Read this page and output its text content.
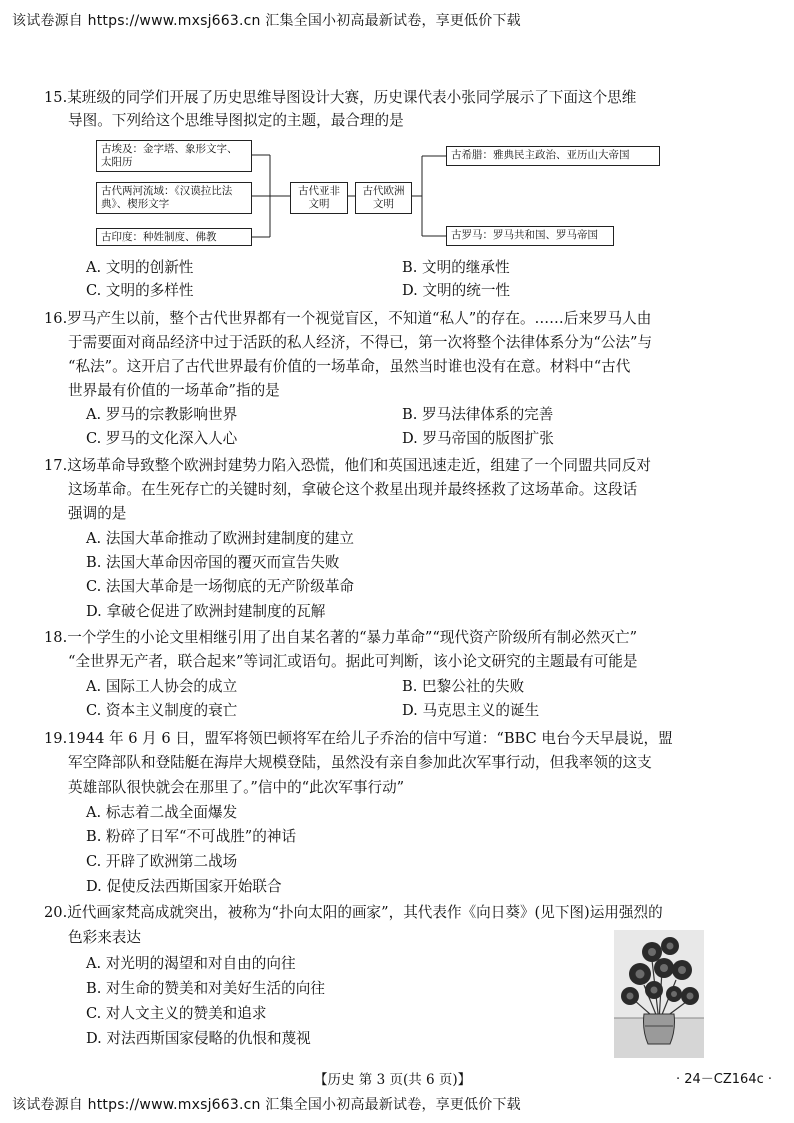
该试卷源自 https://www.mxsj663.cn 汇集全国小初高最新试卷，享更低价下载
15.某班级的同学们开展了历史思维导图设计大赛，历史课代表小张同学展示了下面这个思维
导图。下列给这个思维导图拟定的主题，最合理的是
古埃及：金字塔、象形文字、太阳历
古代两河流域：《汉谟拉比法典》、楔形文字
古印度：种姓制度、佛教
古代亚非文明
古代欧洲文明
古希腊：雅典民主政治、亚历山大帝国
古罗马：罗马共和国、罗马帝国
A. 文明的创新性	B. 文明的继承性
C. 文明的多样性	D. 文明的统一性
16.罗马产生以前，整个古代世界都有一个视觉盲区，不知道“私人”的存在。……后来罗马人由
于需要面对商品经济中过于活跃的私人经济，不得已，第一次将整个法律体系分为“公法”与
“私法”。这开启了古代世界最有价值的一场革命，虽然当时谁也没有在意。材料中“古代
世界最有价值的一场革命”指的是
A. 罗马的宗教影响世界	B. 罗马法律体系的完善
C. 罗马的文化深入人心	D. 罗马帝国的版图扩张
17.这场革命导致整个欧洲封建势力陷入恐慌，他们和英国迅速走近，组建了一个同盟共同反对
这场革命。在生死存亡的关键时刻，拿破仑这个救星出现并最终拯救了这场革命。这段话
强调的是
A. 法国大革命推动了欧洲封建制度的建立
B. 法国大革命因帝国的覆灭而宣告失败
C. 法国大革命是一场彻底的无产阶级革命
D. 拿破仑促进了欧洲封建制度的瓦解
18.一个学生的小论文里相继引用了出自某名著的“暴力革命”“现代资产阶级所有制必然灭亡”
“全世界无产者，联合起来”等词汇或语句。据此可判断，该小论文研究的主题最有可能是
A. 国际工人协会的成立	B. 巴黎公社的失败
C. 资本主义制度的衰亡	D. 马克思主义的诞生
19.1944 年 6 月 6 日，盟军将领巴顿将军在给儿子乔治的信中写道：“BBC 电台今天早晨说，盟
军空降部队和登陆艇在海岸大规模登陆，虽然没有亲自参加此次军事行动，但我率领的这支
英雄部队很快就会在那里了。”信中的“此次军事行动”
A. 标志着二战全面爆发
B. 粉碎了日军“不可战胜”的神话
C. 开辟了欧洲第二战场
D. 促使反法西斯国家开始联合
20.近代画家梵高成就突出，被称为“扑向太阳的画家”，其代表作《向日葵》(见下图)运用强烈的
色彩来表达
A. 对光明的渴望和对自由的向往
B. 对生命的赞美和对美好生活的向往
C. 对人文主义的赞美和追求
D. 对法西斯国家侵略的仇恨和蔑视
【历史 第 3 页(共 6 页)】	· 24－CZ164c ·
该试卷源自 https://www.mxsj663.cn 汇集全国小初高最新试卷，享更低价下载
